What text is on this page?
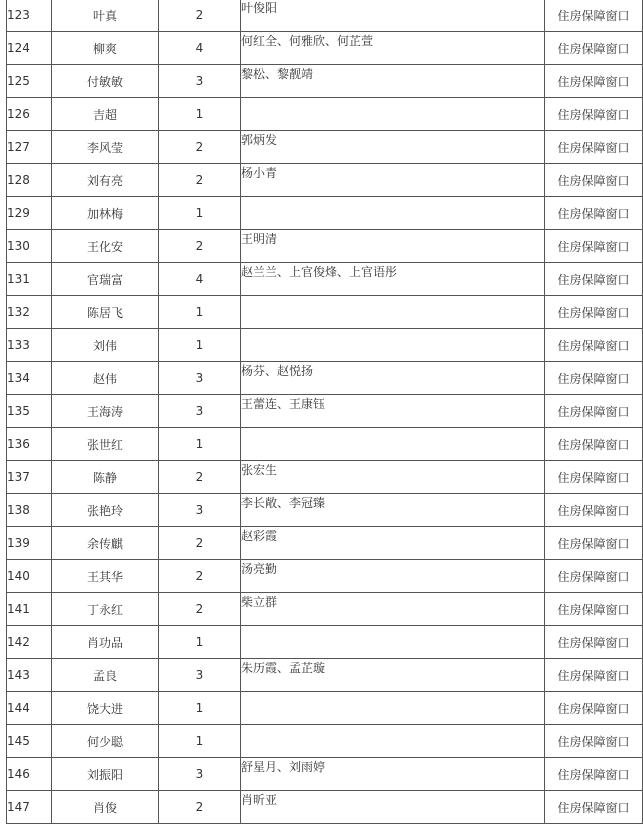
123	叶真	2	叶俊阳	住房保障窗口
124	柳爽	4	何红全、何雅欣、何芷萱	住房保障窗口
125	付敏敏	3	黎松、黎靓靖	住房保障窗口
126	吉超	1		住房保障窗口
127	李风莹	2	郭炳发	住房保障窗口
128	刘有亮	2	杨小青	住房保障窗口
129	加林梅	1		住房保障窗口
130	王化安	2	王明清	住房保障窗口
131	官瑞富	4	赵兰兰、上官俊烽、上官语彤	住房保障窗口
132	陈居飞	1		住房保障窗口
133	刘伟	1		住房保障窗口
134	赵伟	3	杨芬、赵悦扬	住房保障窗口
135	王海涛	3	王蕾连、王康钰	住房保障窗口
136	张世红	1		住房保障窗口
137	陈静	2	张宏生	住房保障窗口
138	张艳玲	3	李长敞、李冠臻	住房保障窗口
139	余传麒	2	赵彩霞	住房保障窗口
140	王其华	2	汤亮勤	住房保障窗口
141	丁永红	2	柴立群	住房保障窗口
142	肖功品	1		住房保障窗口
143	孟良	3	朱历霞、孟芷璇	住房保障窗口
144	饶大进	1		住房保障窗口
145	何少聪	1		住房保障窗口
146	刘振阳	3	舒星月、刘雨婷	住房保障窗口
147	肖俊	2	肖昕亚	住房保障窗口
